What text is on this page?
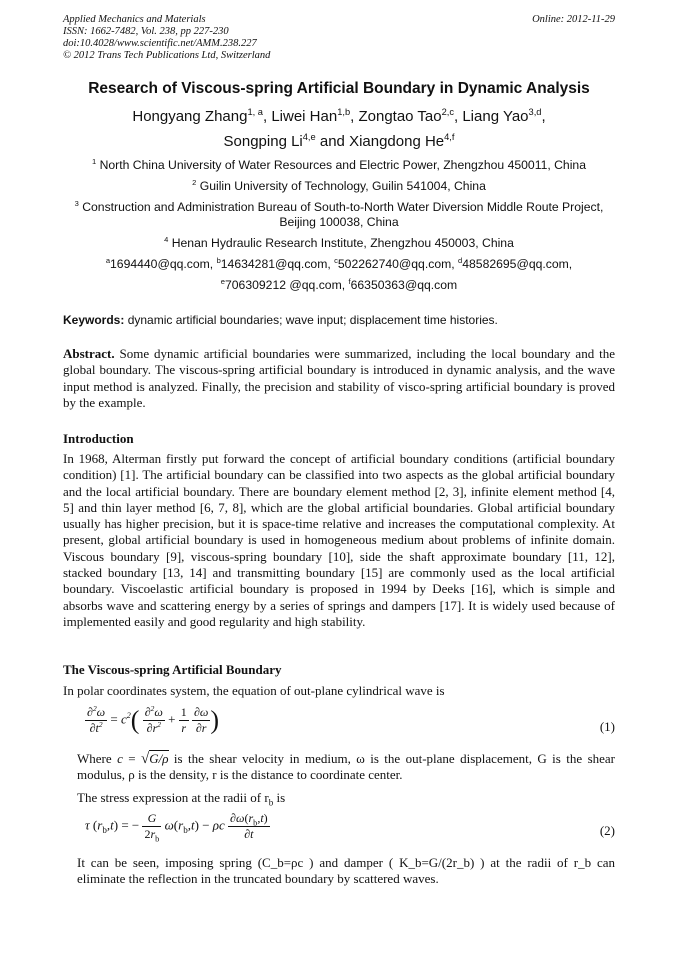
Applied Mechanics and Materials
ISSN: 1662-7482, Vol. 238, pp 227-230
doi:10.4028/www.scientific.net/AMM.238.227
© 2012 Trans Tech Publications Ltd, Switzerland
Online: 2012-11-29
Research of Viscous-spring Artificial Boundary in Dynamic Analysis
Hongyang Zhang$^{1, a}$, Liwei Han$^{1,b}$, Zongtao Tao$^{2,c}$, Liang Yao$^{3,d}$,
Songping Li$^{4,e}$ and Xiangdong He$^{4,f}$
$^1$ North China University of Water Resources and Electric Power, Zhengzhou 450011, China
$^2$ Guilin University of Technology, Guilin 541004, China
$^3$ Construction and Administration Bureau of South-to-North Water Diversion Middle Route Project,
Beijing 100038, China
$^4$ Henan Hydraulic Research Institute, Zhengzhou 450003, China
$^a$1694440@qq.com, $^b$14634281@qq.com, $^c$502262740@qq.com, $^d$48582695@qq.com,
$^e$706309212 @qq.com, $^f$66350363@qq.com
Keywords: dynamic artificial boundaries; wave input; displacement time histories.
Abstract. Some dynamic artificial boundaries were summarized, including the local boundary and the global boundary. The viscous-spring artificial boundary is introduced in dynamic analysis, and the wave input method is analyzed. Finally, the precision and stability of visco-spring artificial boundary is proved by the example.
Introduction
In 1968, Alterman firstly put forward the concept of artificial boundary conditions (artificial boundary condition) [1]. The artificial boundary can be classified into two aspects as the global artificial boundary and the local artificial boundary. There are boundary element method [2, 3], infinite element method [4, 5] and thin layer method [6, 7, 8], which are the global artificial boundaries. Global artificial boundary usually has higher precision, but it is space-time relative and increases the computational complexity. At present, global artificial boundary is used in homogeneous medium about problems of infinite domain. Viscous boundary [9], viscous-spring boundary [10], side the shaft approximate boundary [11, 12], stacked boundary [13, 14] and transmitting boundary [15] are commonly used as the local artificial boundary. Viscoelastic artificial boundary is proposed in 1994 by Deeks [16], which is simple and absorbs wave and scattering energy by a series of springs and dampers [17]. It is widely used because of implemented easily and good regularity and high stability.
The Viscous-spring Artificial Boundary
In polar coordinates system, the equation of out-plane cylindrical wave is
$\frac{\partial^2\omega}{\partial t^2} = c^2( \frac{\partial^2\omega}{\partial r^2} + \frac{1}{r}$
$\frac{\partial\omega}{\partial r}$ )	(1)
Where c = √G/ρ is the shear velocity in medium, ω is the out-plane displacement, G is the shear modulus, ρ is the density, r is the distance to coordinate center.
The stress expression at the radii of $r_b$ is
τ $(r_b,t)$ = − $\frac{G}{2r_b} \omega(r_b,t) - \rho c \frac{\partial\omega(r_b,t)}{\partial t}$	(2)
It can be seen, imposing spring (C_b=ρc ) and damper ( K_b=G/(2r_b) ) at the radii of r_b can eliminate the reflection in the truncated boundary by scattered waves.
